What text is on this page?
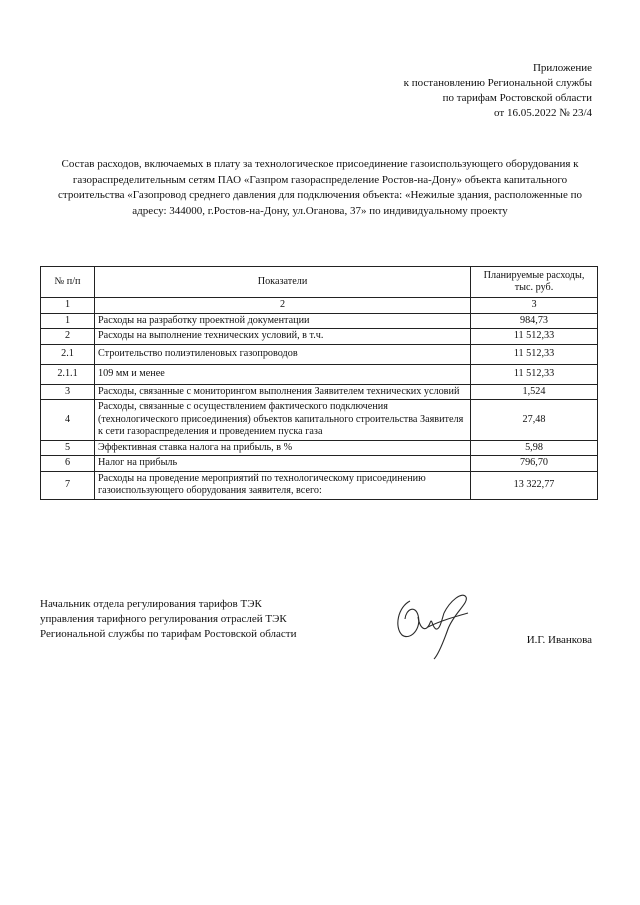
Приложение
к постановлению Региональной службы
по тарифам Ростовской области
от 16.05.2022 № 23/4
Состав расходов, включаемых в плату за технологическое присоединение газоиспользующего оборудования к газораспределительным сетям ПАО «Газпром газораспределение Ростов-на-Дону» объекта капитального строительства «Газопровод среднего давления для подключения объекта: «Нежилые здания, расположенные по адресу: 344000, г.Ростов-на-Дону, ул.Оганова, 37» по индивидуальному проекту
№ п/п	Показатели	Планируемые расходы, тыс. руб.
1	2	3
1	Расходы на разработку проектной документации	984,73
2	Расходы на выполнение технических условий, в т.ч.	11 512,33
2.1	Строительство полиэтиленовых газопроводов	11 512,33
2.1.1	109 мм и менее	11 512,33
3	Расходы, связанные с мониторингом выполнения Заявителем технических условий	1,524
4	Расходы, связанные с осуществлением фактического подключения (технологического присоединения) объектов капитального строительства Заявителя к сети газораспределения и проведением пуска газа	27,48
5	Эффективная ставка налога на прибыль, в %	5,98
6	Налог на прибыль	796,70
7	Расходы на проведение мероприятий по технологическому присоединению газоиспользующего оборудования заявителя, всего:	13 322,77
Начальник отдела регулирования тарифов ТЭК
управления тарифного регулирования отраслей ТЭК
Региональной службы по тарифам Ростовской области	И.Г. Иванкова
